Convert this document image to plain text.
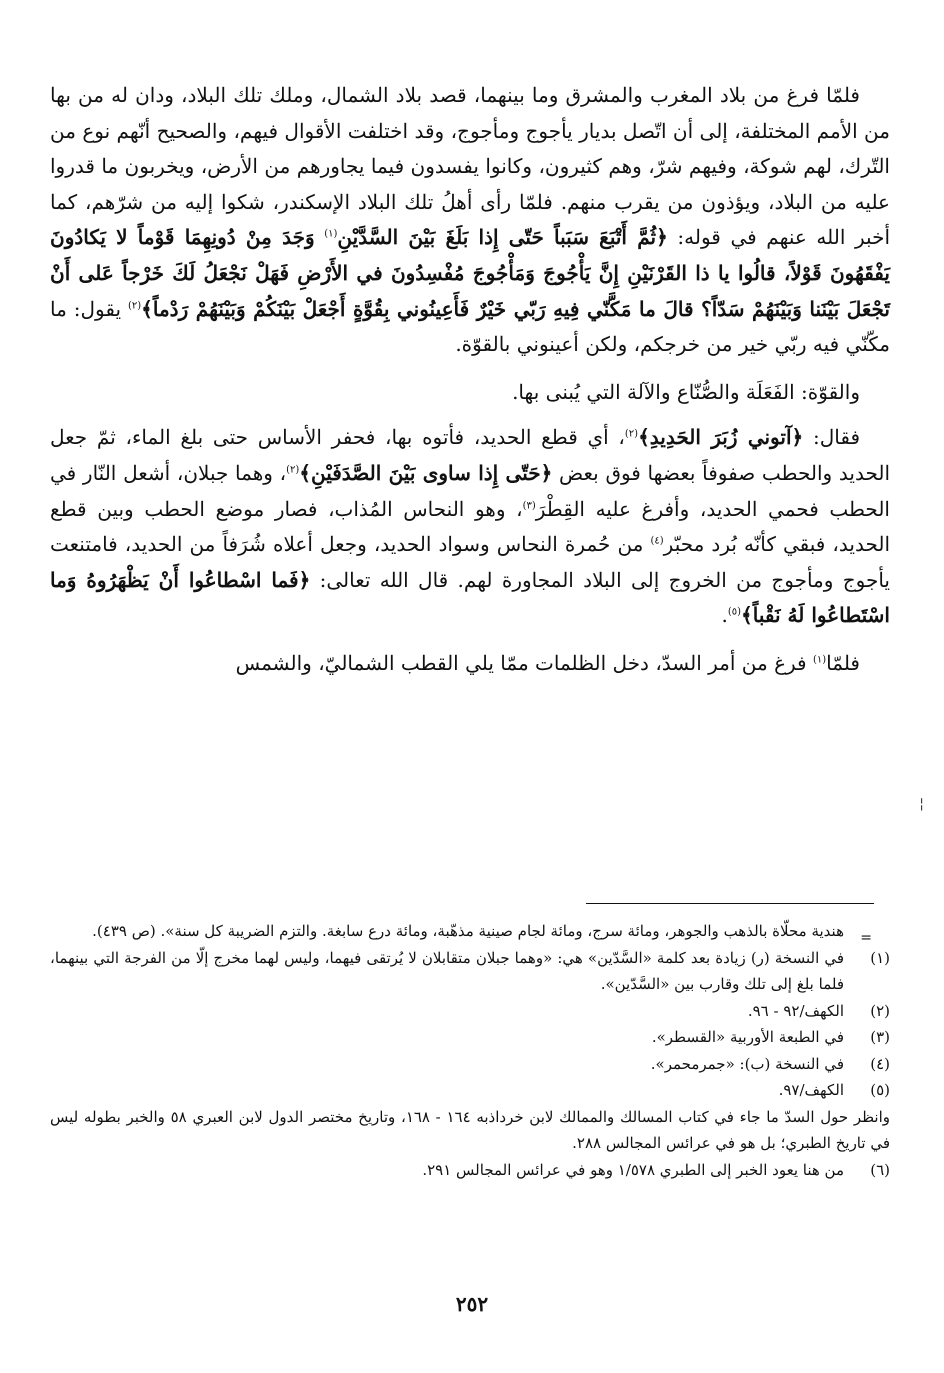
فلمّا فرغ من بلاد المغرب والمشرق وما بينهما، قصد بلاد الشمال، وملك تلك البلاد، ودان له من بها من الأمم المختلفة، إلى أن اتّصل بديار يأجوج ومأجوج، وقد اختلفت الأقوال فيهم، والصحيح أنّهم نوع من التّرك، لهم شوكة، وفيهم شرّ، وهم كثيرون، وكانوا يفسدون فيما يجاورهم من الأرض، ويخربون ما قدروا عليه من البلاد، ويؤذون من يقرب منهم. فلمّا رأى أهلُ تلك البلاد الإسكندر، شكوا إليه من شرّهم، كما أخبر الله عنهم في قوله: ﴿ثُمَّ أَتْبَعَ سَبَباً حَتّى إِذا بَلَغَ بَيْنَ السَّدَّيْنِ$^{(١)}$ وَجَدَ مِنْ دُونِهِمَا قَوْماً لا يَكادُونَ يَفْقَهُونَ قَوْلاً، قالُوا يا ذا القَرْنَيْنِ إِنَّ يَأْجُوجَ وَمَأْجُوجَ مُفْسِدُونَ في الأَرْضِ فَهَلْ نَجْعَلُ لَكَ خَرْجاً عَلى أَنْ تَجْعَلَ بَيْنَنا وَبَيْنَهُمْ سَدّاً؟ قالَ ما مَكَّنّي فِيهِ رَبّي خَيْرٌ فَأَعِينُوني بِقُوَّةٍ أَجْعَلْ بَيْنَكُمْ وَبَيْنَهُمْ رَدْماً﴾$^{(٢)}$ يقول: ما مكّنّي فيه ربّي خير من خرجكم، ولكن أعينوني بالقوّة.

والقوّة: الفَعَلَة والصُّنّاع والآلة التي يُبنى بها.

فقال: ﴿آتوني زُبَرَ الحَدِيدِ﴾$^{(٢)}$، أي قطع الحديد، فأتوه بها، فحفر الأساس حتى بلغ الماء، ثمّ جعل الحديد والحطب صفوفاً بعضها فوق بعض ﴿حَتّى إِذا ساوى بَيْنَ الصَّدَفَيْنِ﴾$^{(٢)}$، وهما جبلان، أشعل النّار في الحطب فحمي الحديد، وأفرغ عليه القِطْرَ$^{(٣)}$، وهو النحاس المُذاب، فصار موضع الحطب وبين قطع الحديد، فبقي كأنّه بُرد محبّر$^{(٤)}$ من حُمرة النحاس وسواد الحديد، وجعل أعلاه شُرَفاً من الحديد، فامتنعت يأجوج ومأجوج من الخروج إلى البلاد المجاورة لهم. قال الله تعالى: ﴿فَما اسْطاعُوا أَنْ يَظْهَرُوهُ وَما اسْتَطاعُوا لَهُ نَقْباً﴾$^{(٥)}$.

فلمّا$^{(١)}$ فرغ من أمر السدّ، دخل الظلمات ممّا يلي القطب الشماليّ، والشمس

¦
=

هندية محلّاة بالذهب والجوهر، ومائة سرج، ومائة لجام صينية مذهّبة، ومائة درع سابغة. والتزم الضريبة كل سنة». (ص ٤٣٩).

(١)
في النسخة (ر) زيادة بعد كلمة «السَّدّين» هي: «وهما جبلان متقابلان لا يُرتقى فيهما، وليس لهما مخرج إلّا من الفرجة التي بينهما، فلما بلغ إلى تلك وقارب بين «السَّدّين».

(٢)
الكهف/٩٢ - ٩٦.

(٣)
في الطبعة الأوربية «القسطر».

(٤)
في النسخة (ب): «جمرمحمر».

(٥)
الكهف/٩٧.

وانظر حول السدّ ما جاء في كتاب المسالك والممالك لابن خرداذبه ١٦٤ - ١٦٨، وتاريخ مختصر الدول لابن العبري ٥٨ والخبر بطوله ليس في تاريخ الطبري؛ بل هو في عرائس المجالس ٢٨٨.

(٦)
من هنا يعود الخبر إلى الطبري ١/٥٧٨ وهو في عرائس المجالس ٢٩١.

٢٥٢
